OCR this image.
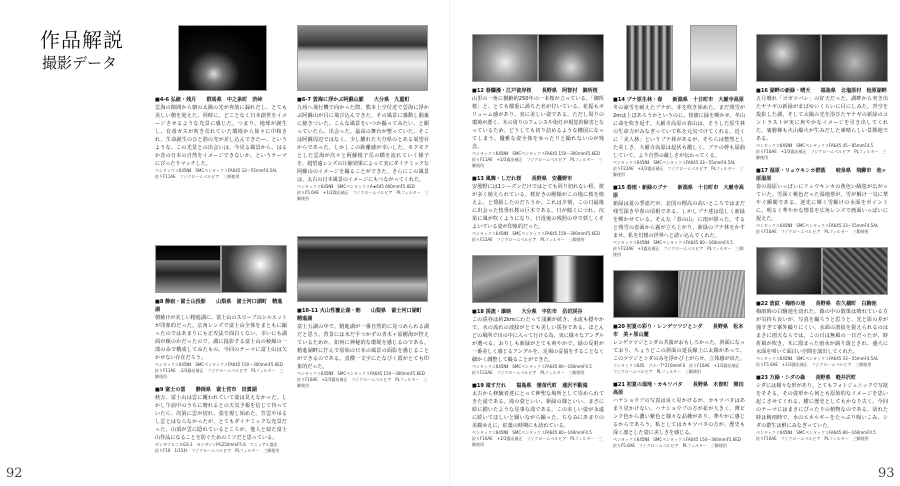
作品解説
撮影データ
92	93
■4-6 弘統・残月　　群馬県　中之条町　渋峠
雲海の隙間から朝の太陽の光が奔放に漏れだし、とても美しい朝を迎えた。同時に、どことなく日本創世をイメージさせるような光景に感じた。つまり、地球が誕生し、有毒ガスが吹き荒れていた環境から徐々に中和され、生命誕生のひと筋の光が差し込んできた―、というような。この光景との出会いは、今見る風景から、はるか昔の日本の自然をイメージできないか、というテーマにぴったりマッチした。
ペンタックス645NⅡ　SMCペンタックスFA645 33〜55mmF4.5AL
絞りF11AE　フジクロームベルビア　三脚使用
■8 静寂・富士山投影　　山梨県　富士河口湖町　精進湖
朝焼けが美しい精進湖に、富士山のスロープのシルエットが印象的だった。広角レンズで富士山全体をまともに撮ったのではあまりにも正攻法で面白くない。幸いにも湖面が鏡のかだったので、湖に投影する富士山の稜線の一部のみで構成してみたもの。今回のテーマに富士山は欠かせない存在だろう。
ペンタックス645NⅡ　SMCペンタックスFA645 150〜300mmF5.6ED
絞りF11AE　-2/3露出補正　フジクロームベルビア　PLフィルター　三脚使用
■9 富士の雲　　静岡県　富士宮市　田貫湖
秋万、富士山は雲に覆われていて姿は見えなかった。しかし午前中のうちに晴れるとの天気予報を信じて待っていたら、次第に雲が切れ、姿を現し始めた。笠雲や吊るし雲とはならなかったが、とてもダイナミックな光景だった。山頂が雲に隠れているところが、他人と似た富士山作品になることを防ぐためのミソだと思っている。
ゼンザブロニカGS-1　ゼンザノンPG250mmF5.6　マニュアル露出
絞りF16　1/15秒　フジクロームベルビア　PLフィルター　三脚使用
■6-7 雲海に浮かぶ阿蘇山脈　　大分県　九重町
九州へ飛行機で向かった際、熊本上空付近で雲海に浮かぶ阿蘇山が目に飛び込んできた。その風景に感動し脳裏に焼きついた。こんな風景をいつか撮ってみたい、と願っていたら、出会った。最高の舞台が整っていた。そこは阿蘇周辺ではなく、少し離れた大分県のとある展望台からであった。しかしこの距離感が幸いした。モクモクとした雲海が次々と阿蘇根子岳の横を流れていく様子を、超望遠レンズの圧縮効果によって実にダイナミックな阿蘇山のイメージを撮ることができた。さらにこの風景は、太古の日本風景のイメージにもつながってくれた。
ペンタックス645NⅡ　SMCペンタックスA★645 600mmF5.6ED
絞りF5.6AE　+1/2露出補正　フジクロームベルビア　PLフィルター　三脚使用
■10-11 火山性覆止湖・朝　　山梨県　富士河口湖町　精進湖
富士五湖の中で、精進湖が一番自然的に見つめられる湖だと思う。背景には未だ手つかずの青木ヶ原樹海が控えているためか、如何に神秘的な環境を感じるのである。精進湖畔に佇んで原始の日本の風景の面影を感じることができるのである。真横一文字にたなびく霞がとても印象的だった。
ペンタックス645NⅡ　SMCペンタックスFA645 150〜300mmF5.6ED
絞りF16AE　+2/3露出補正　フジクロームベルビア　PLフィルター　三脚使用
■12 春爛漫・江戸彼岸桜　　長野県　阿智村　御所桜
山里の一角に樹齢約250年の一本桜が立っている。「御所桜」と、とても敬重に満ちた名が付いている。花振もボリューム感があり、実に美しい姿である。ただし周りの環境が悪く、木の周りのフェンスや街灯が視覚的障害となっているため、どうしても切り詰めるような構図になってしまう。優雅な姿全体をゆったりと撮れないのが残念。
ペンタックス645NⅡ　SMCペンタックスFA645 150〜300mmF5.6ED
絞りF11AE　+1/3露出補正　フジクロームベルビア　PLフィルター　三脚使用
■13 風舞・しだれ桜　　長野県　安曇野市
安曇野には1シーズンだけではとても回り切れない程、桜が多く植えられている。桜好きの殿様がこの地に桜を植えよ、と奨励したのだろうか。これは夕刻、この日最後に出会った枝垂れ桜の巨木である。日が傾くにつれ、次第に風が吹くようになり、日没後の残照の中で妖しくそよいでいる姿が印象的だった。
ペンタックス645NⅡ　SMCペンタックスFA645 150〜300mmF5.6ED
絞りF22AE　フジクロームベルビア　PLフィルター　三脚使用
■18 渓流・瀑映　　大分県　宇佐市　岳切渓谷
この渓谷は約2kmにわたって浅瀬が続き、水流も穏やかで、水の流れの波紋がとても美しい渓谷である。ほとんどの場所で川の中に入って行ける為、実に様々なアングルが選べる。おりしも新緑がとても爽やかで、緑の反射が一番美しく感じるアングルを、足場の妥協をすることなく細かく調整して撮ることができた。
ペンタックス645NⅡ　SMCペンタックスFA645 80〜160mmF4.5
絞りF22AE　フジクロームベルビア　PLフィルター　三脚使用
■19 滝すだれ　　福島県　猪苗代町　達沢不動滝
太古から修験者達にとって神聖な場所として崇められてきた滝である。滝の姿といい、新緑の様といい、まさに絵に描いたような見事な滝である。この美しい姿が永遠に続いてほしいと願いながら撮った。ちなみにあまりの美観ゆえに、紅葉の時期にも訪れている。
ペンタックス645NⅡ　SMCペンタックスFA645 80〜160mmF4.5
絞りF16AE　+1/3露出補正　フジクロームベルビア　PLフィルター　三脚使用
■14 ブナ原生林・春　　新潟県　十日町市　大厳寺高原
冬の豪雪を耐えたブナが、芽を吹き始めた。まだ残雪が2mは上ほあろうかというのに、枝値に緑を輝かせ、冬山に命を吹き返す。大厳寺高原の春山は、そうした原生林の生命力がみなぎっていて私を元気づけてくれる。近くに「美人林」というブナ林があるが、そちらは整然とした美しさ。大厳寺高原は起伏も激しく、ブナの幹も屈曲していて、より自然の厳しさが伝わってくる。
ペンタックス645NⅡ　SMCペンタックスFA645 33〜55mmF4.5AL
絞りF22AE　+2/3露出補正　フジクロームベルビア　PLフィルター　三脚使用
■15 春雨・新緑のブナ　　新潟県　十日町市　大厳寺高原
新緑は夏の季語だが、北国の標高の高いところではまだ残雪深き早春の頃相である。しかしブナ達は逞しく新緑を輝かせている。そんな「春の山」に雨が降った。すると残雪の表面から霧が立ち上がり、新緑のブナ林をかすませ、私を幻想の世界へと誘い込んでくれた。
ペンタックス645NⅡ　SMCペンタックスFA645 80〜160mmF4.5
絞りF22AE　+1露出補正　フジクロームベルビア　PLフィルター　三脚使用
■20 初夏の彩り・レンゲツツジとシダ　　長野県　松本市　美ヶ原山麓
レンゲツツジとシダの共演がおもしろかった。斜面になっており、ちょうどこの斜面の延長線上に太陽があって、このツツジとシダのみを浮かび上がらせ、立体感が出た。
コンタックス645　ゾナーT*210mmF4　絞りF16AE　+1/3露出補正
フジクロームベルビア　PLフィルター　三脚使用
■21 初夏の湿地・カキツバタ　　長野県　木曽町　開田高原
ハナショウブの写真は良く見かけるが、カキツバタはあまり見かけない。ハナショウブの方が花が大きく、薄ピンク色から濃い紫色と様々な品種があり、華やかに感じるからであろう。私としてはカキツバタの方が、歴史も深く凛とした姿に美しさを感じる。
ペンタックス645NⅡ　SMCペンタックスFA645 150〜300mmF5.6ED
絞りF5.6AE　フジクロームベルビア　PLフィルター　三脚使用
■16 湖畔の新緑・晴天　　福島県　北塩原村　桧原湖畔
五月晴れ「ゴガツバレ」の好天だった。湖畔から突き出たヤナギの新緑がまばゆいくらいに目にしみた。青空を投影した湖、そして太陽の光を浴びたヤナギの新緑のコントラストが実に爽やかなイメージを引き出してくれた。裏磐梯も火山爆火が生みだした素晴らしい景勝地である。
ペンタックス645NⅡ　SMCペンタックスFA645 45〜85mmF4.5
絞りF16AE　+1/3露出補正　フジクロームベルビア　PLフィルター　三脚使用
■17 湿原・リュウキンカ群落　　岐阜県　飛騨市　池ヶ原湿原
春の湿原いっぱいにリュウキンカの黄色い絨毯が広がっていた。雪深く桃色だった湿地帯が、雪が解け一気に華やぐ瞬間である。逆光に輝く雪解けの水面をポイントに、明るく華やかな情景を広角レンズで画面いっぱいに捉えた。
ペンタックス645NⅡ　SMCペンタックスFA645 33〜55mmF4.5AL
絞りF16AE　フジクロームベルビア　PLフィルター　三脚使用
■22 波紋・梅雨の池　　長野県　佐久穂町　白駒池
梅雨時の白駒池を訪れた。森の中の散策は晴れている方が気持ち良いが、写真を撮ろうと思うと、光と影の差が強すぎて案外撮りにくい。水面の波紋を捉えられるのはまさに雨天ならでは。この日は無風の一日だったが、時折風が吹き、木に溜まった雨水が滴り落とされ、盛大に水面を叩いて面白い空間を演出してくれた。
ペンタックス645NⅡ　SMCペンタックスFA645 33〜55mmF4.5AL
絞りF5.6AE　+1/3露出補正　フジクロームベルビア　三脚使用
■23 万緑・シダの森　　長野県　軽井沢町
シダには様々な形があり、とてもフォトジェニックで写欲をそそる。その姿形から何とも原始的なイメージを思い起こさせてくれる。樹に歴史としてもかなり古く、今回のテーマにはまさにぴったりの植物なのである。訪れた時は梅雨時で、水のエネルギーをたっぷり吸いこみ、シダの群生は鮮にみなぎっていた。
ペンタックス645NⅡ　SMCペンタックスFA645 80〜160mmF4.5
絞りF16AE　フジクロームベルビア　PLフィルター　三脚使用
